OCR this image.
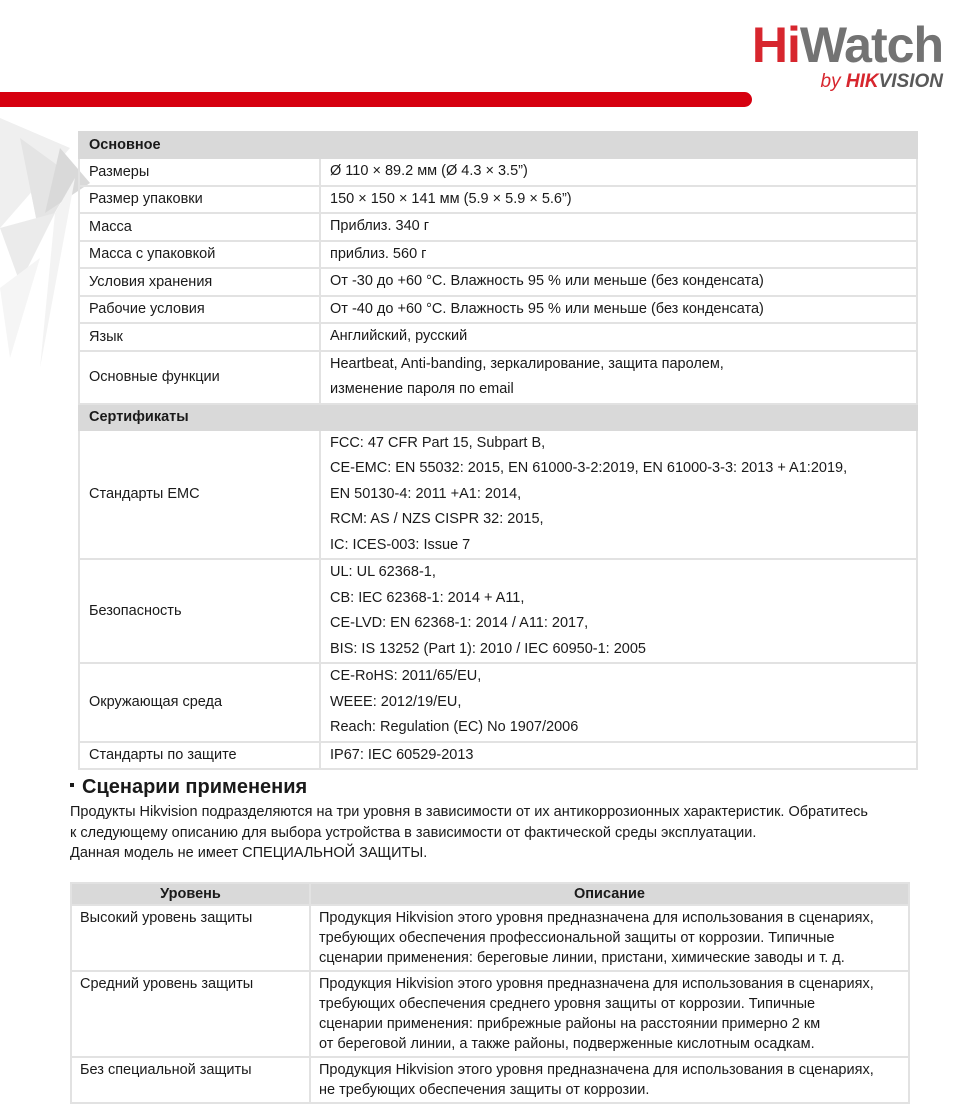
HiWatch
by HIKVISION
Основное	
Размеры	Ø 110 × 89.2 мм (Ø 4.3 × 3.5”)

Размер упаковки	150 × 150 × 141 мм (5.9 × 5.9 × 5.6”)

Масса	Приблиз. 340 г

Масса с упаковкой	приблиз. 560 г

Условия хранения	От -30 до +60 °C. Влажность 95 % или меньше (без конденсата)

Рабочие условия	От -40 до +60 °C. Влажность 95 % или меньше (без конденсата)

Язык	Английский, русский

Основные функции	Heartbeat, Anti-banding, зеркалирование, защита паролем,
изменение пароля по email

Сертификаты	
Стандарты EMC	FCC: 47 CFR Part 15, Subpart B,
CE-EMC: EN 55032: 2015, EN 61000-3-2:2019, EN 61000-3-3: 2013 + A1:2019,
EN 50130-4: 2011 +A1: 2014,
RCM: AS / NZS CISPR 32: 2015,
IC: ICES-003: Issue 7

Безопасность	UL: UL 62368-1,
CB: IEC 62368-1: 2014 + A11,
CE-LVD: EN 62368-1: 2014 / A11: 2017,
BIS: IS 13252 (Part 1): 2010 / IEC 60950-1: 2005

Окружающая среда	CE-RoHS: 2011/65/EU,
WEEE: 2012/19/EU,
Reach: Regulation (EC) No 1907/2006

Стандарты по защите	IP67: IEC 60529-2013
Сценарии применения
Продукты Hikvision подразделяются на три уровня в зависимости от их антикоррозионных характеристик. Обратитесь
к следующему описанию для выбора устройства в зависимости от фактической среды эксплуатации.
Данная модель не имеет СПЕЦИАЛЬНОЙ ЗАЩИТЫ.
Уровень	Описание
Высокий уровень защиты	Продукция Hikvision этого уровня предназначена для использования в сценариях,
требующих обеспечения профессиональной защиты от коррозии. Типичные
сценарии применения: береговые линии, пристани, химические заводы и т. д.

Средний уровень защиты	Продукция Hikvision этого уровня предназначена для использования в сценариях,
требующих обеспечения среднего уровня защиты от коррозии. Типичные
сценарии применения: прибрежные районы на расстоянии примерно 2 км
от береговой линии, а также районы, подверженные кислотным осадкам.

Без специальной защиты	Продукция Hikvision этого уровня предназначена для использования в сценариях,
не требующих обеспечения защиты от коррозии.
